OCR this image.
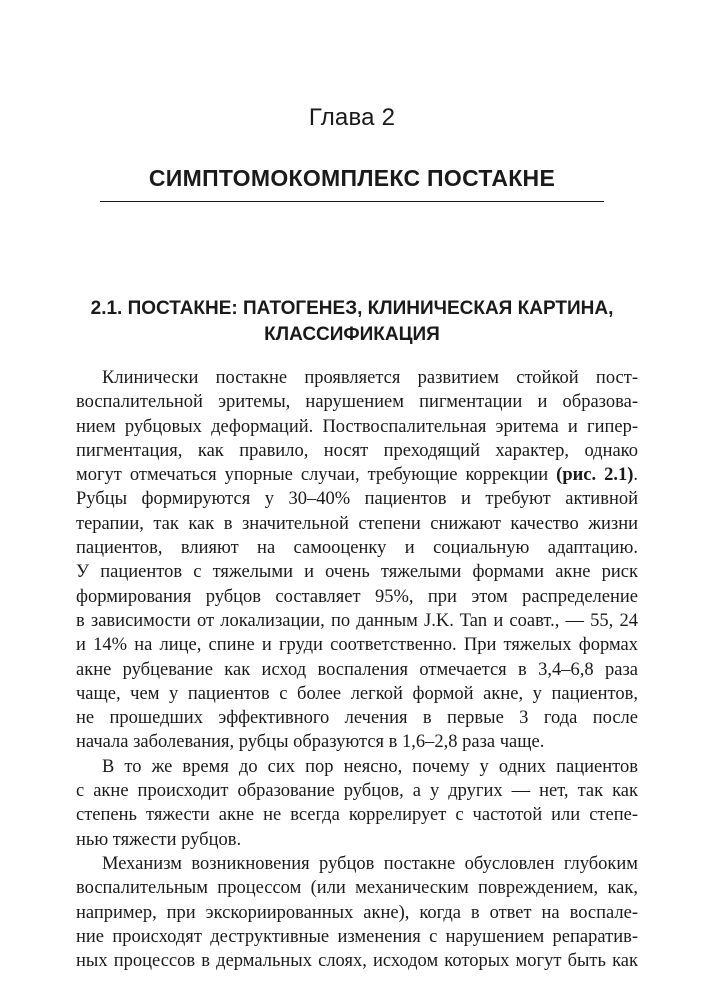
Глава 2
СИМПТОМОКОМПЛЕКС ПОСТАКНЕ
2.1. ПОСТАКНЕ: ПАТОГЕНЕЗ, КЛИНИЧЕСКАЯ КАРТИНА,
КЛАССИФИКАЦИЯ
Клинически постакне проявляется развитием стойкой пост-
воспалительной эритемы, нарушением пигментации и образова-
нием рубцовых деформаций. Поствоспалительная эритема и гипер-
пигментация, как правило, носят преходящий характер, однако
могут отмечаться упорные случаи, требующие коррекции (рис. 2.1).
Рубцы формируются у 30–40% пациентов и требуют активной
терапии, так как в значительной степени снижают качество жизни
пациентов, влияют на самооценку и социальную адаптацию.
У пациентов с тяжелыми и очень тяжелыми формами акне риск
формирования рубцов составляет 95%, при этом распределение
в зависимости от локализации, по данным J.K. Tan и соавт., — 55, 24
и 14% на лице, спине и груди соответственно. При тяжелых формах
акне рубцевание как исход воспаления отмечается в 3,4–6,8 раза
чаще, чем у пациентов с более легкой формой акне, у пациентов,
не прошедших эффективного лечения в первые 3 года после
начала заболевания, рубцы образуются в 1,6–2,8 раза чаще.
В то же время до сих пор неясно, почему у одних пациентов
с акне происходит образование рубцов, а у других — нет, так как
степень тяжести акне не всегда коррелирует с частотой или степе-
нью тяжести рубцов.
Механизм возникновения рубцов постакне обусловлен глубоким
воспалительным процессом (или механическим повреждением, как,
например, при экскориированных акне), когда в ответ на воспале-
ние происходят деструктивные изменения с нарушением репаратив-
ных процессов в дермальных слоях, исходом которых могут быть как
